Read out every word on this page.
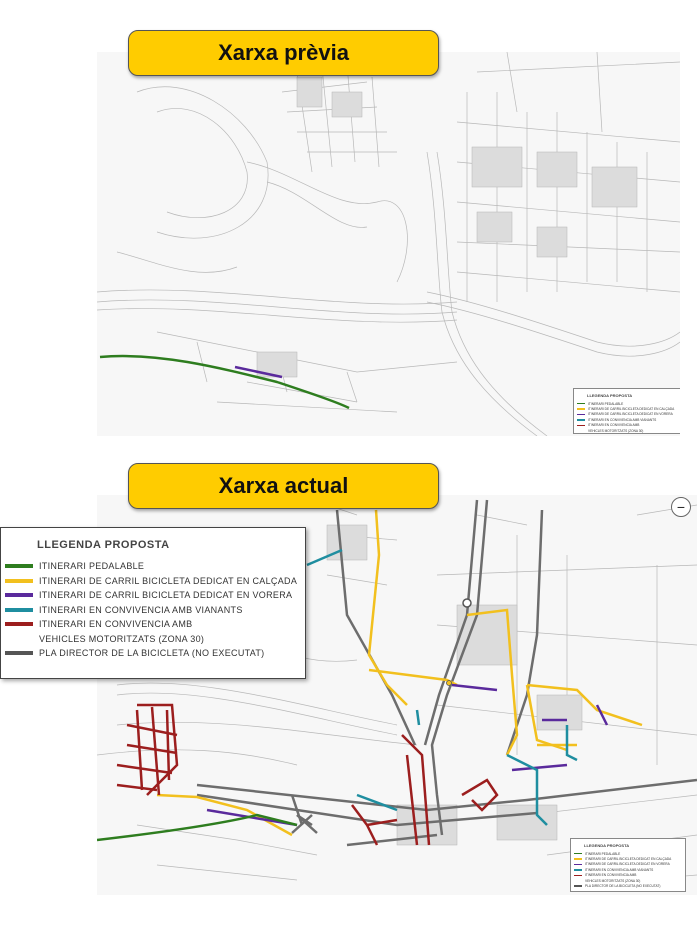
LLEGENDA PROPOSTA
ITINERARI PEDALABLE
ITINERARI DE CARRIL BICICLETA DEDICAT EN CALÇADA
ITINERARI DE CARRIL BICICLETA DEDICAT EN VORERA
ITINERARI EN CONVIVENCIA AMB VIANANTS
ITINERARI EN CONVIVENCIA AMB
VEHICLES MOTORITZATS (ZONA 30)
Xarxa prèvia
LLEGENDA PROPOSTA
ITINERARI PEDALABLE
ITINERARI DE CARRIL BICICLETA DEDICAT EN CALÇADA
ITINERARI DE CARRIL BICICLETA DEDICAT EN VORERA
ITINERARI EN CONVIVENCIA AMB VIANANTS
ITINERARI EN CONVIVENCIA AMB
VEHICLES MOTORITZATS (ZONA 30)
PLA DIRECTOR DE LA BICICLETA (NO EXECUTAT)
Xarxa actual
−
LLEGENDA PROPOSTA
ITINERARI PEDALABLE
ITINERARI DE CARRIL BICICLETA DEDICAT EN CALÇADA
ITINERARI DE CARRIL BICICLETA DEDICAT EN VORERA
ITINERARI EN CONVIVENCIA AMB VIANANTS
ITINERARI EN CONVIVENCIA AMB
VEHICLES MOTORITZATS (ZONA 30)
PLA DIRECTOR DE LA BICICLETA (NO EXECUTAT)
